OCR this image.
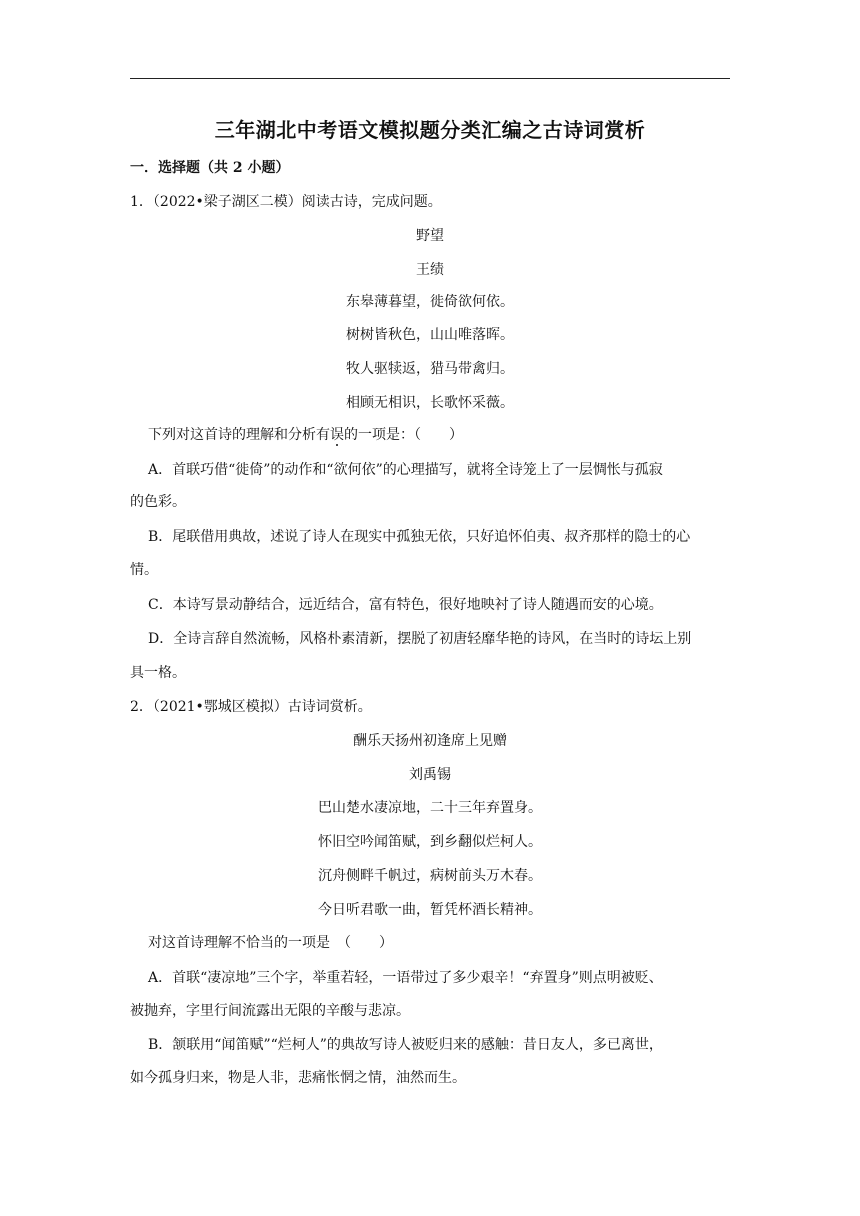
三年湖北中考语文模拟题分类汇编之古诗词赏析
一．选择题（共 2 小题）
1．（2022•梁子湖区二模）阅读古诗，完成问题。
野望
王绩
东皋薄暮望，徙倚欲何依。
树树皆秋色，山山唯落晖。
牧人驱犊返，猎马带禽归。
相顾无相识，长歌怀采薇。
下列对这首诗的理解和分析有误的一项是：（　　）
A．首联巧借“徙倚”的动作和“欲何依”的心理描写，就将全诗笼上了一层惆怅与孤寂
的色彩。
B．尾联借用典故，述说了诗人在现实中孤独无依，只好追怀伯夷、叔齐那样的隐士的心
情。
C．本诗写景动静结合，远近结合，富有特色，很好地映衬了诗人随遇而安的心境。
D．全诗言辞自然流畅，风格朴素清新，摆脱了初唐轻靡华艳的诗风，在当时的诗坛上别
具一格。
2．（2021•鄂城区模拟）古诗词赏析。
酬乐天扬州初逢席上见赠
刘禹锡
巴山楚水凄凉地，二十三年弃置身。
怀旧空吟闻笛赋，到乡翻似烂柯人。
沉舟侧畔千帆过，病树前头万木春。
今日听君歌一曲，暂凭杯酒长精神。
对这首诗理解不恰当的一项是　（　　）
A．首联“凄凉地”三个字，举重若轻，一语带过了多少艰辛！“弃置身”则点明被贬、
被抛弃，字里行间流露出无限的辛酸与悲凉。
B．颔联用“闻笛赋”“烂柯人”的典故写诗人被贬归来的感触：昔日友人，多已离世，
如今孤身归来，物是人非，悲痛怅惘之情，油然而生。
